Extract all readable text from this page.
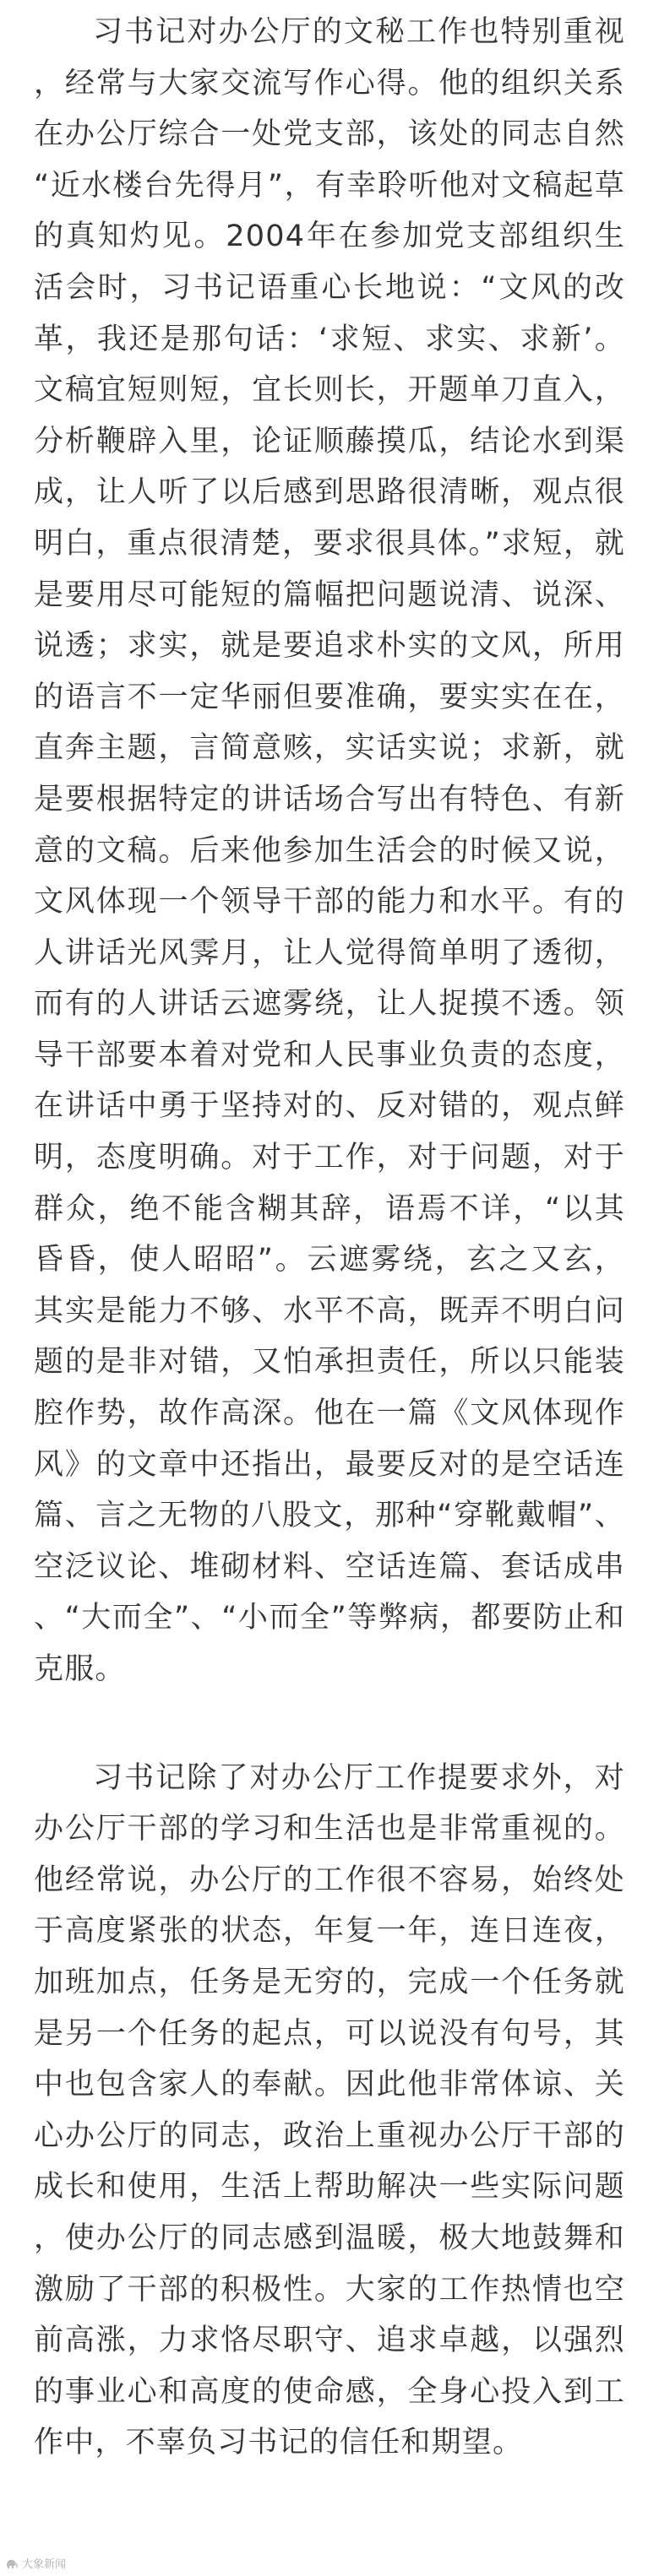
习书记对办公厅的文秘工作也特别重视，经常与大家交流写作心得。他的组织关系在办公厅综合一处党支部，该处的同志自然“近水楼台先得月”，有幸聆听他对文稿起草的真知灼见。2004年在参加党支部组织生活会时，习书记语重心长地说：“文风的改革，我还是那句话：‘求短、求实、求新’。文稿宜短则短，宜长则长，开题单刀直入，分析鞭辟入里，论证顺藤摸瓜，结论水到渠成，让人听了以后感到思路很清晰，观点很明白，重点很清楚，要求很具体。”求短，就是要用尽可能短的篇幅把问题说清、说深、说透；求实，就是要追求朴实的文风，所用的语言不一定华丽但要准确，要实实在在，直奔主题，言简意赅，实话实说；求新，就是要根据特定的讲话场合写出有特色、有新意的文稿。后来他参加生活会的时候又说，文风体现一个领导干部的能力和水平。有的人讲话光风霁月，让人觉得简单明了透彻，而有的人讲话云遮雾绕，让人捉摸不透。领导干部要本着对党和人民事业负责的态度，在讲话中勇于坚持对的、反对错的，观点鲜明，态度明确。对于工作，对于问题，对于群众，绝不能含糊其辞，语焉不详，“以其昏昏，使人昭昭”。云遮雾绕，玄之又玄，其实是能力不够、水平不高，既弄不明白问题的是非对错，又怕承担责任，所以只能装腔作势，故作高深。他在一篇《文风体现作风》的文章中还指出，最要反对的是空话连篇、言之无物的八股文，那种“穿靴戴帽”、空泛议论、堆砌材料、空话连篇、套话成串、“大而全”、“小而全”等弊病，都要防止和克服。

习书记除了对办公厅工作提要求外，对办公厅干部的学习和生活也是非常重视的。他经常说，办公厅的工作很不容易，始终处于高度紧张的状态，年复一年，连日连夜，加班加点，任务是无穷的，完成一个任务就是另一个任务的起点，可以说没有句号，其中也包含家人的奉献。因此他非常体谅、关心办公厅的同志，政治上重视办公厅干部的成长和使用，生活上帮助解决一些实际问题，使办公厅的同志感到温暖，极大地鼓舞和激励了干部的积极性。大家的工作热情也空前高涨，力求恪尽职守、追求卓越，以强烈的事业心和高度的使命感，全身心投入到工作中，不辜负习书记的信任和期望。

大象新闻
